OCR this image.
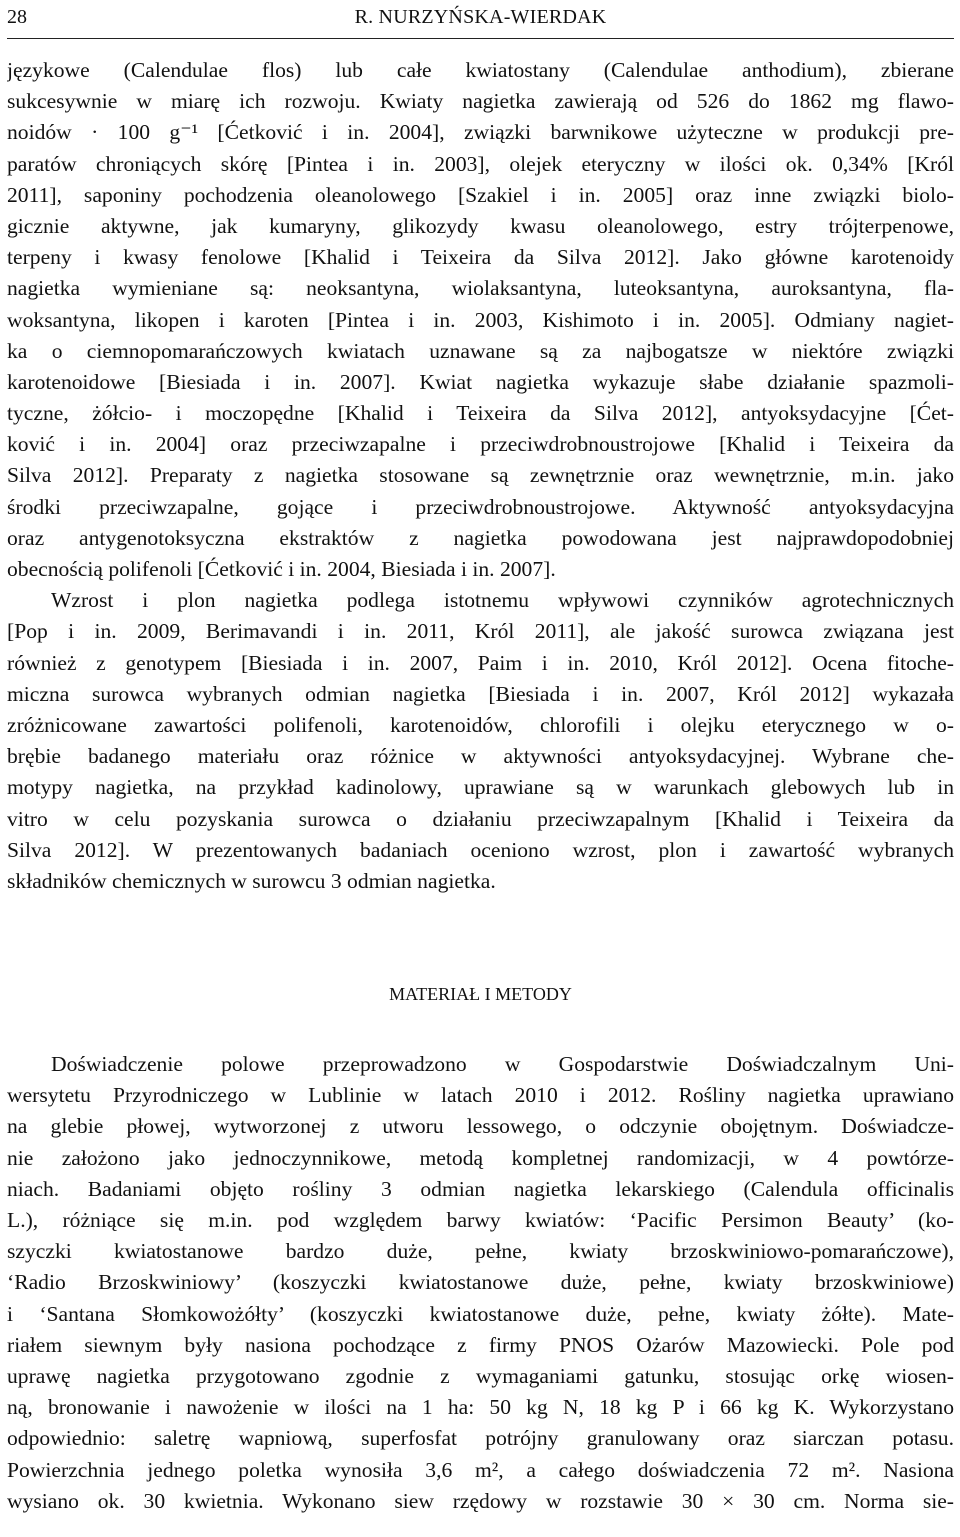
28	R. NURZYŃSKA-WIERDAK
językowe (Calendulae flos) lub całe kwiatostany (Calendulae anthodium), zbierane
sukcesywnie w miarę ich rozwoju. Kwiaty nagietka zawierają od 526 do 1862 mg flawo-
noidów · 100 g⁻¹ [Ćetković i in. 2004], związki barwnikowe użyteczne w produkcji pre-
paratów chroniących skórę [Pintea i in. 2003], olejek eteryczny w ilości ok. 0,34% [Król
2011], saponiny pochodzenia oleanolowego [Szakiel i in. 2005] oraz inne związki biolo-
gicznie aktywne, jak kumaryny, glikozydy kwasu oleanolowego, estry trójterpenowe,
terpeny i kwasy fenolowe [Khalid i Teixeira da Silva 2012]. Jako główne karotenoidy
nagietka wymieniane są: neoksantyna, wiolaksantyna, luteoksantyna, auroksantyna, fla-
woksantyna, likopen i karoten [Pintea i in. 2003, Kishimoto i in. 2005]. Odmiany nagiet-
ka o ciemnopomarańczowych kwiatach uznawane są za najbogatsze w niektóre związki
karotenoidowe [Biesiada i in. 2007]. Kwiat nagietka wykazuje słabe działanie spazmoli-
tyczne, żółcio- i moczopędne [Khalid i Teixeira da Silva 2012], antyoksydacyjne [Ćet-
ković i in. 2004] oraz przeciwzapalne i przeciwdrobnoustrojowe [Khalid i Teixeira da
Silva 2012]. Preparaty z nagietka stosowane są zewnętrznie oraz wewnętrznie, m.in. jako
środki przeciwzapalne, gojące i przeciwdrobnoustrojowe. Aktywność antyoksydacyjna
oraz antygenotoksyczna ekstraktów z nagietka powodowana jest najprawdopodobniej
obecnością polifenoli [Ćetković i in. 2004, Biesiada i in. 2007].
Wzrost i plon nagietka podlega istotnemu wpływowi czynników agrotechnicznych
[Pop i in. 2009, Berimavandi i in. 2011, Król 2011], ale jakość surowca związana jest
również z genotypem [Biesiada i in. 2007, Paim i in. 2010, Król 2012]. Ocena fitoche-
miczna surowca wybranych odmian nagietka [Biesiada i in. 2007, Król 2012] wykazała
zróżnicowane zawartości polifenoli, karotenoidów, chlorofili i olejku eterycznego w o-
brębie badanego materiału oraz różnice w aktywności antyoksydacyjnej. Wybrane che-
motypy nagietka, na przykład kadinolowy, uprawiane są w warunkach glebowych lub in
vitro w celu pozyskania surowca o działaniu przeciwzapalnym [Khalid i Teixeira da
Silva 2012]. W prezentowanych badaniach oceniono wzrost, plon i zawartość wybranych
składników chemicznych w surowcu 3 odmian nagietka.
MATERIAŁ I METODY
Doświadczenie polowe przeprowadzono w Gospodarstwie Doświadczalnym Uni-
wersytetu Przyrodniczego w Lublinie w latach 2010 i 2012. Rośliny nagietka uprawiano
na glebie płowej, wytworzonej z utworu lessowego, o odczynie obojętnym. Doświadcze-
nie założono jako jednoczynnikowe, metodą kompletnej randomizacji, w 4 powtórze-
niach. Badaniami objęto rośliny 3 odmian nagietka lekarskiego (Calendula officinalis
L.), różniące się m.in. pod względem barwy kwiatów: ‘Pacific Persimon Beauty’ (ko-
szyczki kwiatostanowe bardzo duże, pełne, kwiaty brzoskwiniowo-pomarańczowe),
‘Radio Brzoskwiniowy’ (koszyczki kwiatostanowe duże, pełne, kwiaty brzoskwiniowe)
i ‘Santana Słomkowożółty’ (koszyczki kwiatostanowe duże, pełne, kwiaty żółte). Mate-
riałem siewnym były nasiona pochodzące z firmy PNOS Ożarów Mazowiecki. Pole pod
uprawę nagietka przygotowano zgodnie z wymaganiami gatunku, stosując orkę wiosen-
ną, bronowanie i nawożenie w ilości na 1 ha: 50 kg N, 18 kg P i 66 kg K. Wykorzystano
odpowiednio: saletrę wapniową, superfosfat potrójny granulowany oraz siarczan potasu.
Powierzchnia jednego poletka wynosiła 3,6 m², a całego doświadczenia 72 m². Nasiona
wysiano ok. 30 kwietnia. Wykonano siew rzędowy w rozstawie 30 × 30 cm. Norma sie-
